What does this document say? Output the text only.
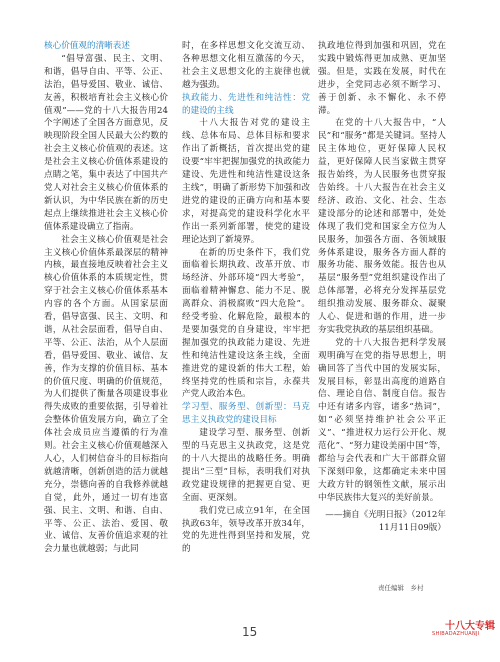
核心价值观的清晰表述

“倡导富强、民主、文明、和谐，倡导自由、平等、公正、法治，倡导爱国、敬业、诚信、友善，积极培育社会主义核心价值观”——党的十八大报告用24个字阐述了全国各方面意见，反映现阶段全国人民最大公约数的社会主义核心价值观的表述。这是社会主义核心价值体系建设的点睛之笔，集中表达了中国共产党人对社会主义核心价值体系的新认识，为中华民族在新的历史起点上继续推进社会主义核心价值体系建设确立了指南。

社会主义核心价值观是社会主义核心价值体系最深层的精神内核，最直接地反映着社会主义核心价值体系的本质规定性，贯穿于社会主义核心价值体系基本内容的各个方面。从国家层面看，倡导富强、民主、文明、和谐，从社会层面看，倡导自由、平等、公正、法治，从个人层面看，倡导爱国、敬业、诚信、友善，作为支撑的价值目标、基本的价值尺度、明确的价值规范，为人们提供了衡量各项建设事业得失成败的重要依据，引导着社会整体价值发展方向，确立了全体社会成员应当遵循的行为准则。社会主义核心价值观越深入人心，人们树信奋斗的目标指向就越清晰，创新创造的活力就越充分，崇德向善的自我修养就越自觉，此外，通过一切有违富强、民主、文明、和谐、自由、平等、公正、法治、爱国、敬业、诚信、友善价值追求观的社会力量也就越弱；与此同

时，在多样思想文化交流互动、各种思想文化相互激荡的今天，社会主义思想文化的主旋律也就越为强劲。

执政能力、先进性和纯洁性：党的建设的主线

十八大报告对党的建设主线、总体布局、总体目标和要求作出了新概括，首次提出党的建设要“牢牢把握加强党的执政能力建设、先进性和纯洁性建设这条主线”，明确了新形势下加强和改进党的建设的正确方向和基本要求，对提高党的建设科学化水平作出一系列新部署，使党的建设理论达到了新境界。

在新的历史条件下，我们党面临着长期执政、改革开放、市场经济、外部环境“四大考验”，面临着精神懈怠、能力不足、脱离群众、消极腐败“四大危险”。经受考验、化解危险，最根本的是要加强党的自身建设，牢牢把握加强党的执政能力建设、先进性和纯洁性建设这条主线，全面推进党的建设新的伟大工程，始终坚持党的性质和宗旨，永葆共产党人政治本色。

学习型、服务型、创新型：马克思主义执政党的建设目标

建设学习型、服务型、创新型的马克思主义执政党，这是党的十八大提出的战略任务。明确提出“三型”目标，表明我们对执政党建设规律的把握更自觉、更全面、更深刻。

我们党已成立91年，在全国执政63年，领导改革开放34年，党的先进性得到坚持和发展，党的

执政地位得到加强和巩固，党在实践中锻炼得更加成熟、更加坚强。但是，实践在发展，时代在进步，全党同志必须不断学习、善于创新、永不懈化、永不停滞。

在党的十八大报告中，“人民”和“服务”都是关键词。坚持人民主体地位，更好保障人民权益，更好保障人民当家做主贯穿报告始终，为人民服务也贯穿报告始终。十八大报告在社会主义经济、政治、文化、社会、生态建设部分的论述和部署中，处处体现了我们党和国家全方位为人民服务，加强各方面、各领域服务体系建设，服务各方面人群的服务功能、服务效能。报告也从基层“服务型”党组织建设作出了总体部署，必将充分发挥基层党组织推动发展、服务群众、凝聚人心、促进和谐的作用，进一步夯实我党执政的基层组织基础。

党的十八大报告把科学发展观明确写在党的指导思想上，明确回答了当代中国的发展实际，发展目标，彰显出高度的道路自信、理论自信、制度自信。报告中还有诸多内容，诸多“热词”，如“必须坚持维护社会公平正义”、“推进权力运行公开化、规范化”、“努力建设美丽中国”等，都给与会代表和广大干部群众留下深刻印象，这都确定未来中国大政方针的钢领性文献，展示出中华民族伟大复兴的美好前景。

——摘自《光明日报》（2012年11月11日09版）

责任编辑　乡村
15	十八大专辑
SHIBADAZHUANJI
